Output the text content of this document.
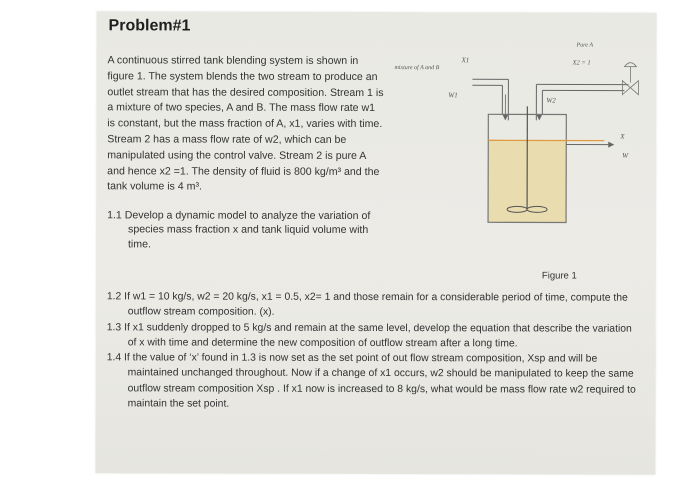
Problem#1
A continuous stirred tank blending system is shown in figure 1. The system blends the two stream to produce an outlet stream that has the desired composition. Stream 1 is a mixture of two species, A and B. The mass flow rate w1 is constant, but the mass fraction of A, x1, varies with time. Stream 2 has a mass flow rate of w2, which can be manipulated using the control valve. Stream 2 is pure A and hence x2 =1. The density of fluid is 800 kg/m³ and the tank volume is 4 m³.
1.1 Develop a dynamic model to analyze the variation of species mass fraction x and tank liquid volume with time.
mixture of A and B
X1
W1
Pure A
X2 = 1
W2
X
W
Figure 1

1.2 If w1 = 10 kg/s, w2 = 20 kg/s, x1 = 0.5, x2= 1 and those remain for a considerable period of time, compute the outflow stream composition. (x).

1.3 If x1 suddenly dropped to 5 kg/s and remain at the same level, develop the equation that describe the variation of x with time and determine the new composition of outflow stream after a long time.

1.4 If the value of ‘x’ found in 1.3 is now set as the set point of out flow stream composition, Xsp and will be maintained unchanged throughout. Now if a change of x1 occurs, w2 should be manipulated to keep the same outflow stream composition Xsp . If x1 now is increased to 8 kg/s, what would be mass flow rate w2 required to maintain the set point.
